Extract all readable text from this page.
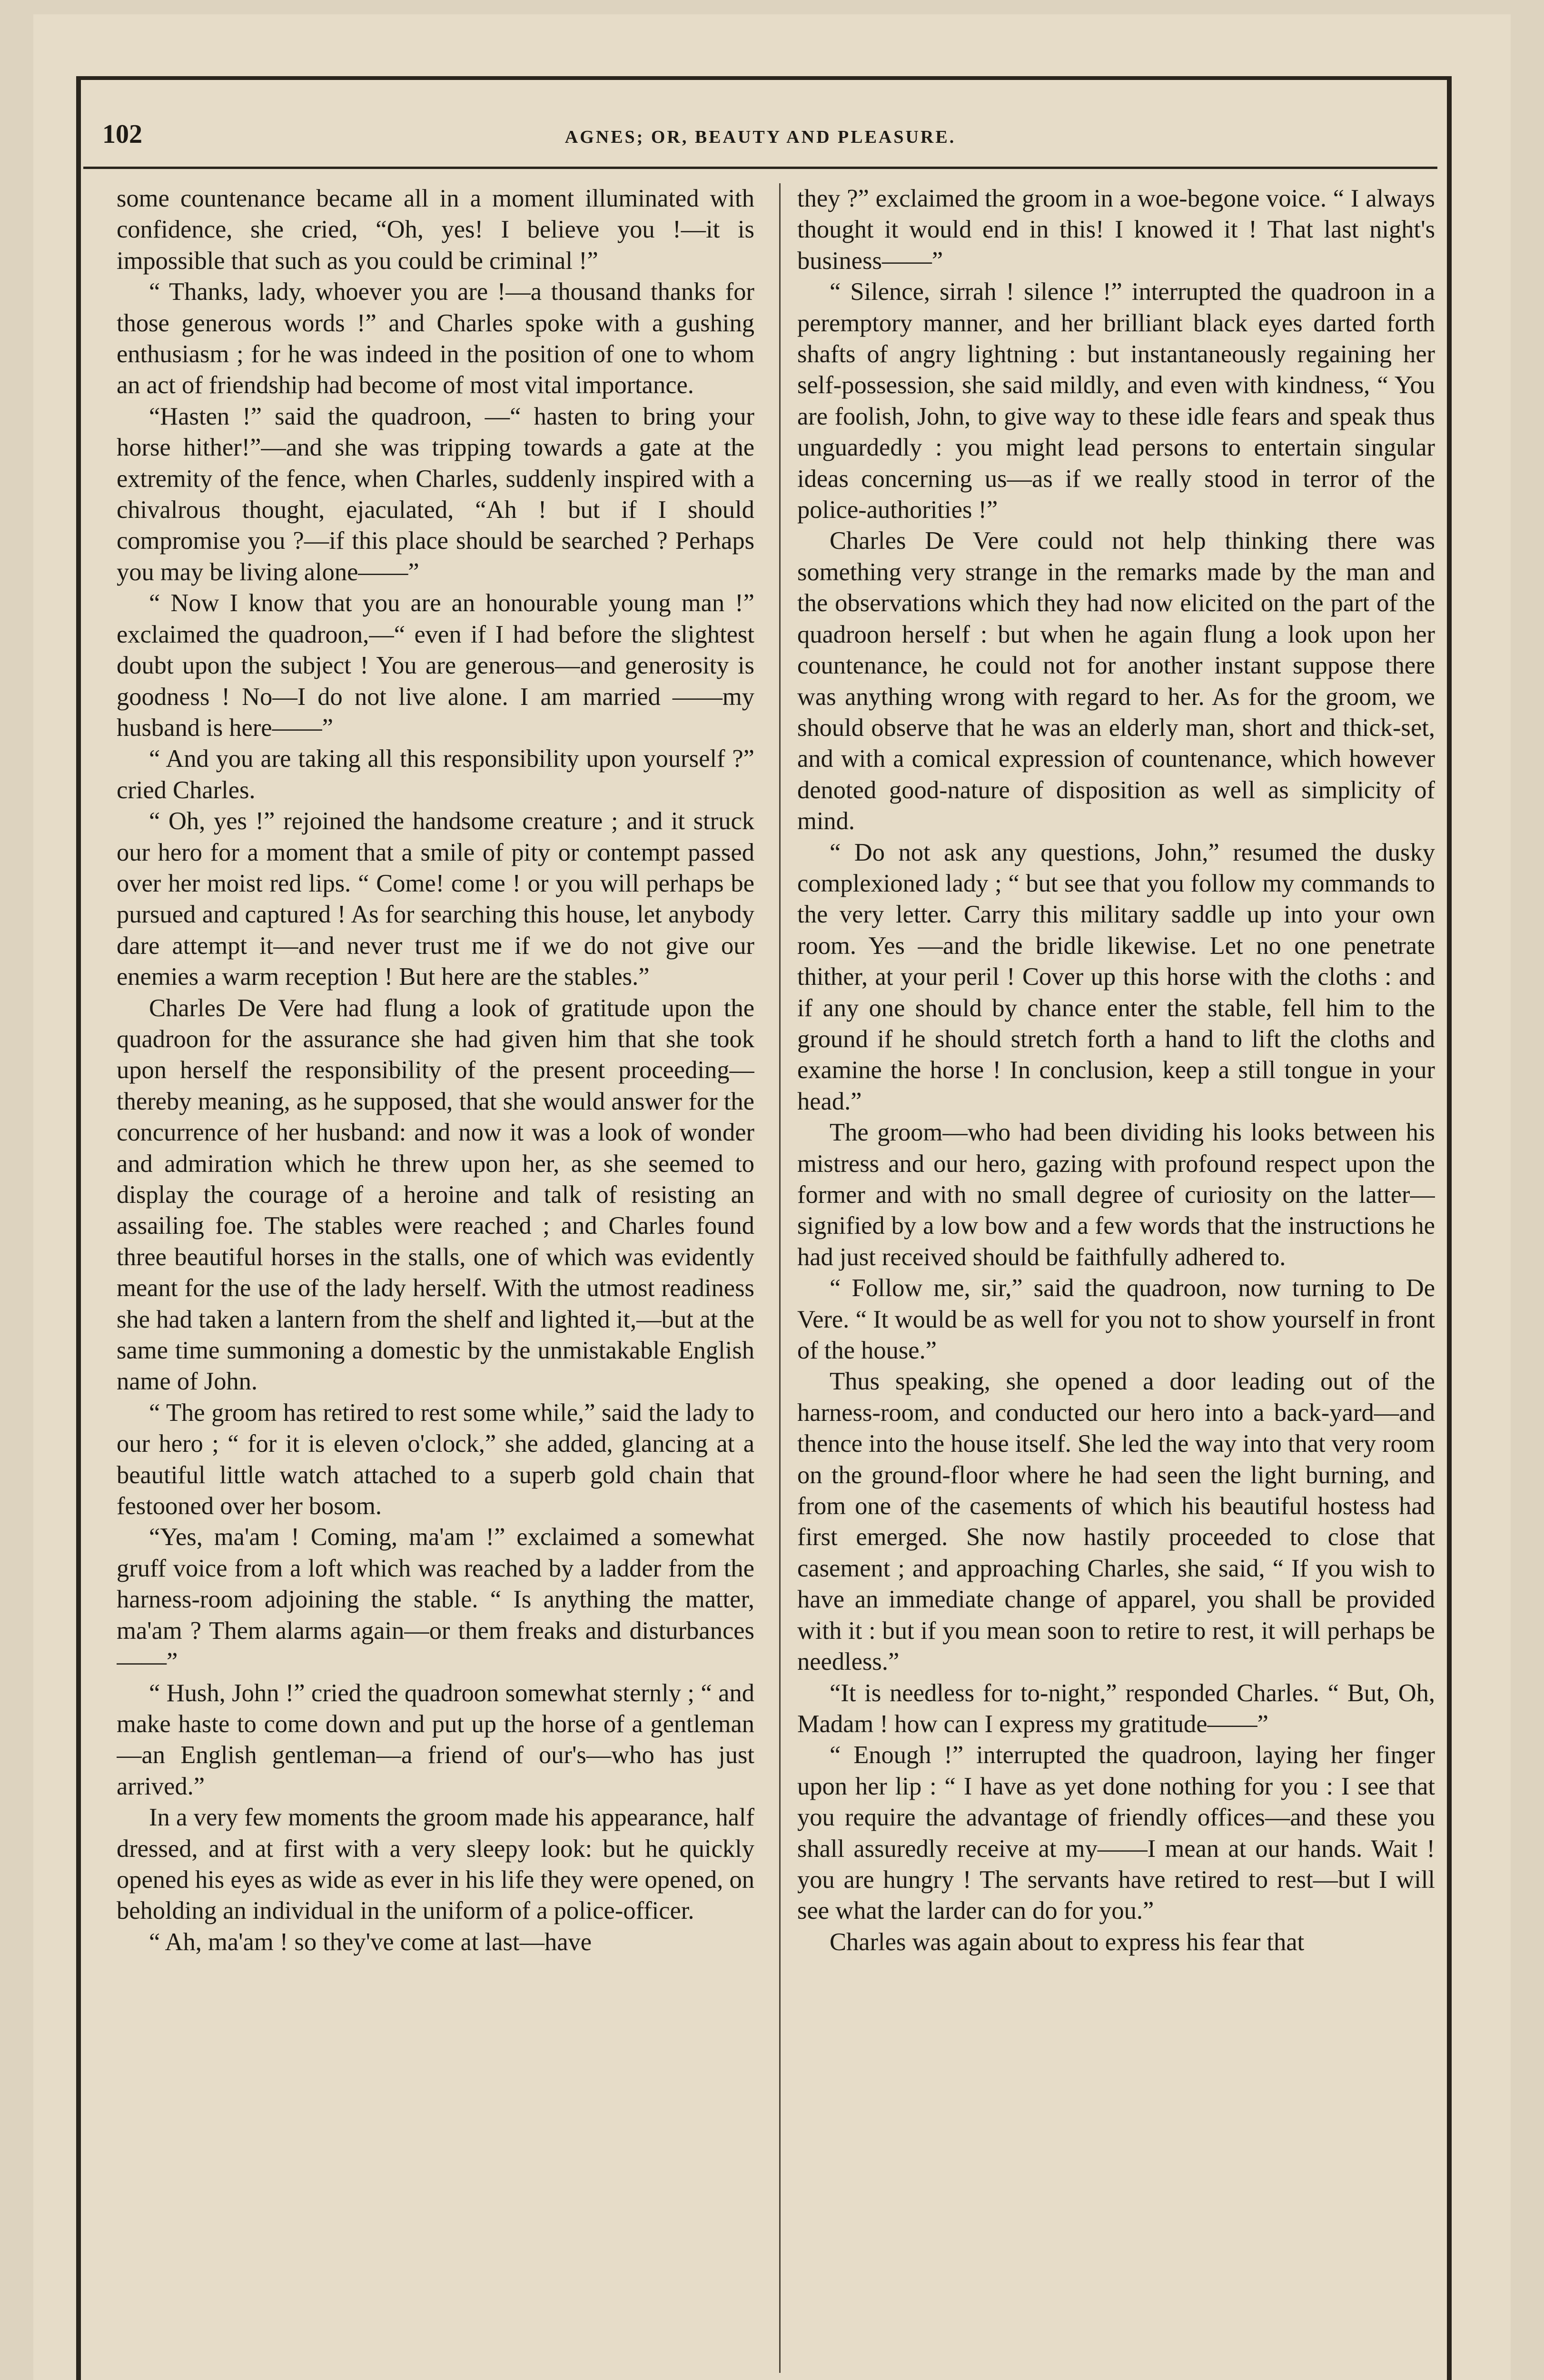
102	AGNES; OR, BEAUTY AND PLEASURE.

some countenance became all in a moment illuminated with confidence, she cried, “Oh, yes! I believe you !—it is impossible that such as you could be criminal !”

“ Thanks, lady, whoever you are !—a thousand thanks for those generous words !” and Charles spoke with a gushing enthusiasm ; for he was indeed in the position of one to whom an act of friendship had become of most vital importance.

“Hasten !” said the quadroon, —“ hasten to bring your horse hither!”—and she was tripping towards a gate at the extremity of the fence, when Charles, suddenly inspired with a chivalrous thought, ejaculated, “Ah ! but if I should compromise you ?—if this place should be searched ? Perhaps you may be living alone——”

“ Now I know that you are an honourable young man !” exclaimed the quadroon,—“ even if I had before the slightest doubt upon the subject ! You are generous—and generosity is goodness ! No—I do not live alone. I am married ——my husband is here——”

“ And you are taking all this responsibility upon yourself ?” cried Charles.

“ Oh, yes !” rejoined the handsome creature ; and it struck our hero for a moment that a smile of pity or contempt passed over her moist red lips. “ Come! come ! or you will perhaps be pursued and captured ! As for searching this house, let anybody dare attempt it—and never trust me if we do not give our enemies a warm reception ! But here are the stables.”

Charles De Vere had flung a look of gratitude upon the quadroon for the assurance she had given him that she took upon herself the responsibility of the present proceeding—thereby meaning, as he supposed, that she would answer for the concurrence of her husband: and now it was a look of wonder and admiration which he threw upon her, as she seemed to display the courage of a heroine and talk of resisting an assailing foe. The stables were reached ; and Charles found three beautiful horses in the stalls, one of which was evidently meant for the use of the lady herself. With the utmost readiness she had taken a lantern from the shelf and lighted it,—but at the same time summoning a domestic by the unmistakable English name of John.

“ The groom has retired to rest some while,” said the lady to our hero ; “ for it is eleven o'clock,” she added, glancing at a beautiful little watch attached to a superb gold chain that festooned over her bosom.

“Yes, ma'am ! Coming, ma'am !” exclaimed a somewhat gruff voice from a loft which was reached by a ladder from the harness-room adjoining the stable. “ Is anything the matter, ma'am ? Them alarms again—or them freaks and disturbances——”

“ Hush, John !” cried the quadroon somewhat sternly ; “ and make haste to come down and put up the horse of a gentleman—an English gentleman—a friend of our's—who has just arrived.”

In a very few moments the groom made his appearance, half dressed, and at first with a very sleepy look: but he quickly opened his eyes as wide as ever in his life they were opened, on beholding an individual in the uniform of a police-officer.

“ Ah, ma'am ! so they've come at last—have

they ?” exclaimed the groom in a woe-begone voice. “ I always thought it would end in this! I knowed it ! That last night's business——”

“ Silence, sirrah ! silence !” interrupted the quadroon in a peremptory manner, and her brilliant black eyes darted forth shafts of angry lightning : but instantaneously regaining her self-possession, she said mildly, and even with kindness, “ You are foolish, John, to give way to these idle fears and speak thus unguardedly : you might lead persons to entertain singular ideas concerning us—as if we really stood in terror of the police-authorities !”

Charles De Vere could not help thinking there was something very strange in the remarks made by the man and the observations which they had now elicited on the part of the quadroon herself : but when he again flung a look upon her countenance, he could not for another instant suppose there was anything wrong with regard to her. As for the groom, we should observe that he was an elderly man, short and thick-set, and with a comical expression of countenance, which however denoted good-nature of disposition as well as simplicity of mind.

“ Do not ask any questions, John,” resumed the dusky complexioned lady ; “ but see that you follow my commands to the very letter. Carry this military saddle up into your own room. Yes —and the bridle likewise. Let no one penetrate thither, at your peril ! Cover up this horse with the cloths : and if any one should by chance enter the stable, fell him to the ground if he should stretch forth a hand to lift the cloths and examine the horse ! In conclusion, keep a still tongue in your head.”

The groom—who had been dividing his looks between his mistress and our hero, gazing with profound respect upon the former and with no small degree of curiosity on the latter—signified by a low bow and a few words that the instructions he had just received should be faithfully adhered to.

“ Follow me, sir,” said the quadroon, now turning to De Vere. “ It would be as well for you not to show yourself in front of the house.”

Thus speaking, she opened a door leading out of the harness-room, and conducted our hero into a back-yard—and thence into the house itself. She led the way into that very room on the ground-floor where he had seen the light burning, and from one of the casements of which his beautiful hostess had first emerged. She now hastily proceeded to close that casement ; and approaching Charles, she said, “ If you wish to have an immediate change of apparel, you shall be provided with it : but if you mean soon to retire to rest, it will perhaps be needless.”

“It is needless for to-night,” responded Charles. “ But, Oh, Madam ! how can I express my gratitude——”

“ Enough !” interrupted the quadroon, laying her finger upon her lip : “ I have as yet done nothing for you : I see that you require the advantage of friendly offices—and these you shall assuredly receive at my——I mean at our hands. Wait ! you are hungry ! The servants have retired to rest—but I will see what the larder can do for you.”

Charles was again about to express his fear that
